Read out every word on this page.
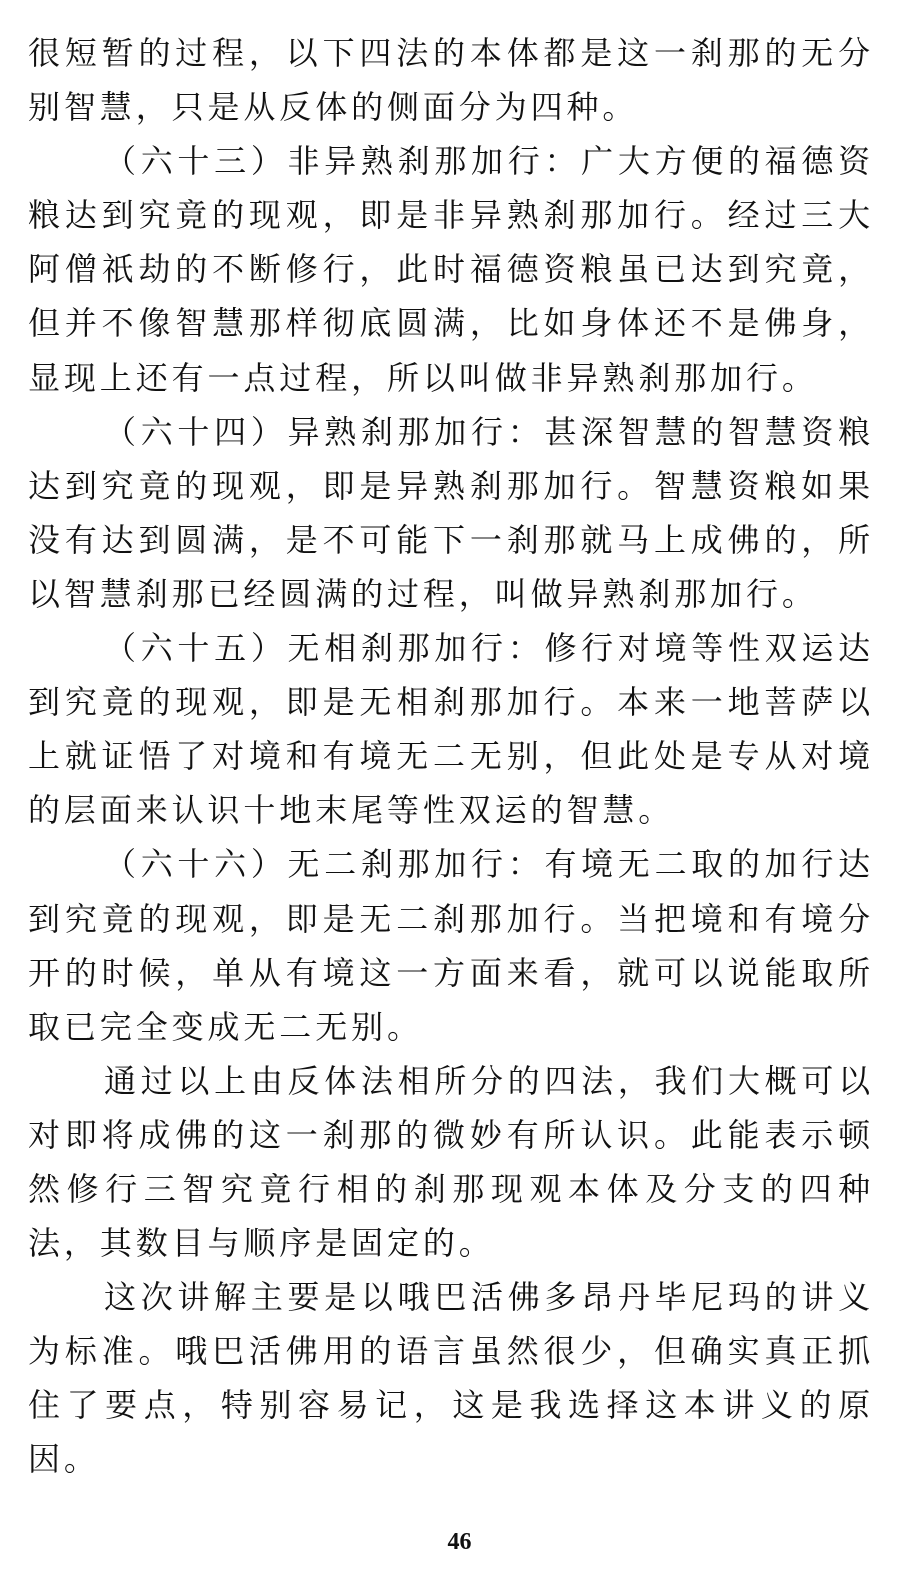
很短暂的过程，以下四法的本体都是这一刹那的无分别智慧，只是从反体的侧面分为四种。

（六十三）非异熟刹那加行：广大方便的福德资粮达到究竟的现观，即是非异熟刹那加行。经过三大阿僧祇劫的不断修行，此时福德资粮虽已达到究竟，但并不像智慧那样彻底圆满，比如身体还不是佛身，显现上还有一点过程，所以叫做非异熟刹那加行。

（六十四）异熟刹那加行：甚深智慧的智慧资粮达到究竟的现观，即是异熟刹那加行。智慧资粮如果没有达到圆满，是不可能下一刹那就马上成佛的，所以智慧刹那已经圆满的过程，叫做异熟刹那加行。

（六十五）无相刹那加行：修行对境等性双运达到究竟的现观，即是无相刹那加行。本来一地菩萨以上就证悟了对境和有境无二无别，但此处是专从对境的层面来认识十地末尾等性双运的智慧。

（六十六）无二刹那加行：有境无二取的加行达到究竟的现观，即是无二刹那加行。当把境和有境分开的时候，单从有境这一方面来看，就可以说能取所取已完全变成无二无别。

通过以上由反体法相所分的四法，我们大概可以对即将成佛的这一刹那的微妙有所认识。此能表示顿然修行三智究竟行相的刹那现观本体及分支的四种法，其数目与顺序是固定的。

这次讲解主要是以哦巴活佛多昂丹毕尼玛的讲义为标准。哦巴活佛用的语言虽然很少，但确实真正抓住了要点，特别容易记，这是我选择这本讲义的原因。

46
